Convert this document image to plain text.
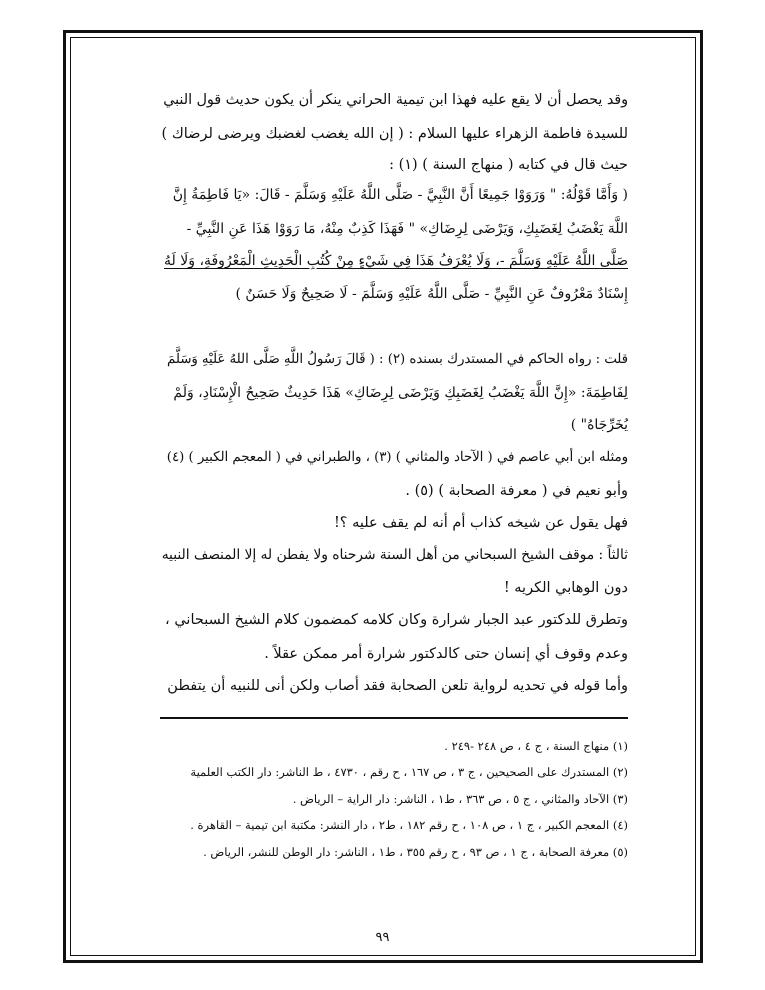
وقد يحصل أن لا يقع عليه فهذا ابن تيمية الحراني ينكر أن يكون حديث قول النبي
للسيدة فاطمة الزهراء عليها السلام : ( إن الله يغضب لغضبك ويرضى لرضاك )
حيث قال في كتابه ( منهاج السنة ) (١) :
( وَأَمَّا قَوْلُهُ: " وَرَوَوْا جَمِيعًا أَنَّ النَّبِيَّ - صَلَّى اللَّهُ عَلَيْهِ وَسَلَّمَ - قَالَ: «يَا فَاطِمَةُ إِنَّ
اللَّهَ يَغْضَبُ لِغَضَبِكِ، وَيَرْضَى لِرِضَاكِ» " فَهَذَا كَذِبٌ مِنْهُ، مَا رَوَوْا هَذَا عَنِ النَّبِيِّ -
صَلَّى اللَّهُ عَلَيْهِ وَسَلَّمَ -، وَلَا يُعْرَفُ هَذَا فِي شَيْءٍ مِنْ كُتُبِ الْحَدِيثِ الْمَعْرُوفَةِ، وَلَا لَهُ
إِسْنَادٌ مَعْرُوفٌ عَنِ النَّبِيِّ - صَلَّى اللَّهُ عَلَيْهِ وَسَلَّمَ - لَا صَحِيحٌ وَلَا حَسَنٌ )
قلت : رواه الحاكم في المستدرك بسنده (٢) : ( قَالَ رَسُولُ اللَّهِ صَلَّى اللهُ عَلَيْهِ وَسَلَّمَ
لِفَاطِمَةَ: «إِنَّ اللَّهَ يَغْضَبُ لِغَضَبِكِ وَيَرْضَى لِرِضَاكِ» هَذَا حَدِيثٌ صَحِيحُ الْإِسْنَادِ، وَلَمْ
يُخَرِّجَاهُ" )
ومثله ابن أبي عاصم في ( الآحاد والمثاني ) (٣) ، والطبراني في ( المعجم الكبير ) (٤)
وأبو نعيم في ( معرفة الصحابة ) (٥) .
فهل يقول عن شيخه كذاب أم أنه لم يقف عليه ؟!
ثالثاً : موقف الشيخ السبحاني من أهل السنة شرحناه ولا يفطن له إلا المنصف النبيه
دون الوهابي الكريه !
وتطرق للدكتور عبد الجبار شرارة وكان كلامه كمضمون كلام الشيخ السبحاني ،
وعدم وقوف أي إنسان حتى كالدكتور شرارة أمر ممكن عقلاً .
وأما قوله في تحديه لرواية تلعن الصحابة فقد أصاب ولكن أنى للنبيه أن يتفطن
(١) منهاج السنة ، ج ٤ ، ص ٢٤٨ -٢٤٩ .
(٢) المستدرك على الصحيحين ، ج ٣ ، ص ١٦٧ ، ح رقم ، ٤٧٣٠ ، ط الناشر: دار الكتب العلمية
(٣) الآحاد والمثاني ، ج ٥ ، ص ٣٦٣ ، ط١ ، الناشر: دار الراية – الرياض .
(٤) المعجم الكبير ، ج ١ ، ص ١٠٨ ، ح رقم ١٨٢ ، ط٢ ، دار النشر: مكتبة ابن تيمية – القاهرة .
(٥) معرفة الصحابة ، ج ١ ، ص ٩٣ ، ح رقم ٣٥٥ ، ط١ ، الناشر: دار الوطن للنشر، الرياض .
٩٩
